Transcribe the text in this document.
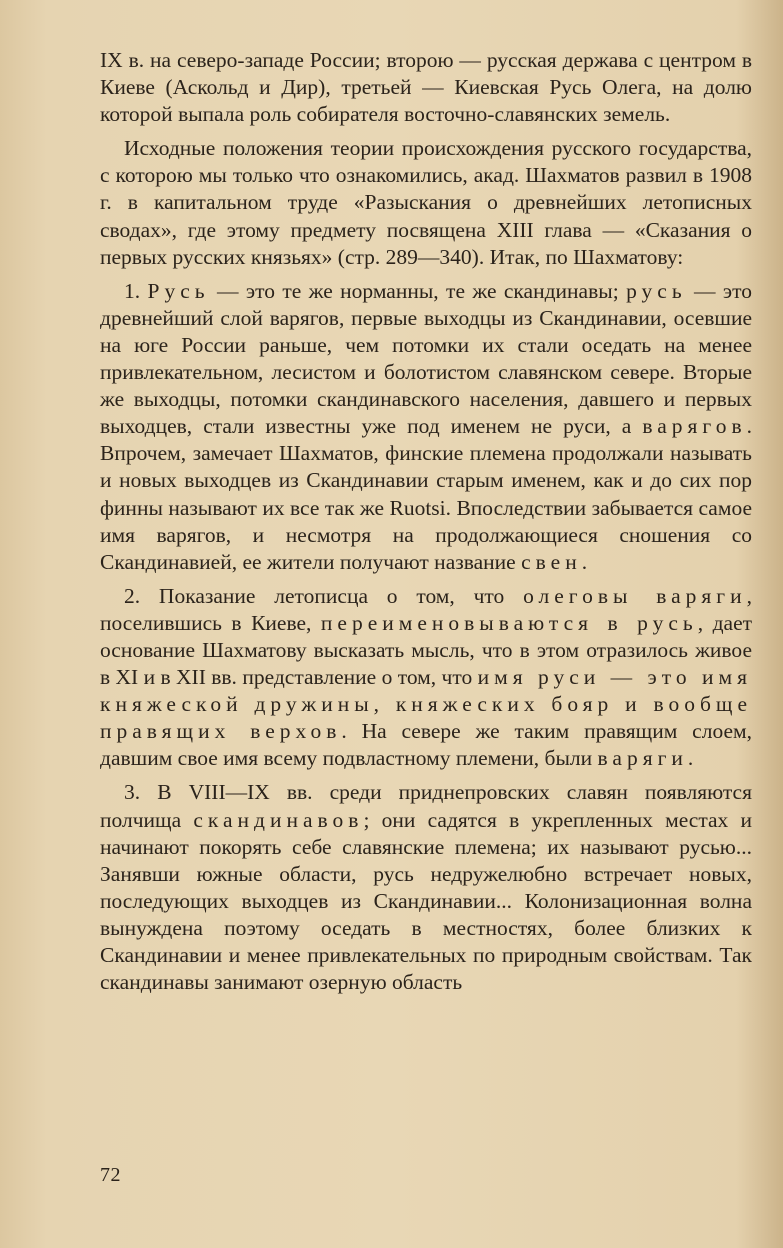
IX в. на северо-западе России; второю — русская держава с центром в Киеве (Аскольд и Дир), третьей — Киевская Русь Олега, на долю которой выпала роль собирателя восточно-славянских земель.

Исходные положения теории происхождения русского государства, с которою мы только что ознакомились, акад. Шахматов развил в 1908 г. в капитальном труде «Разыскания о древнейших летописных сводах», где этому предмету посвящена XIII глава — «Сказания о первых русских князьях» (стр. 289—340). Итак, по Шахматову:

1. Русь — это те же норманны, те же скандинавы; русь — это древнейший слой варягов, первые выходцы из Скандинавии, осевшие на юге России раньше, чем потомки их стали оседать на менее привлекательном, лесистом и болотистом славянском севере. Вторые же выходцы, потомки скандинавского населения, давшего и первых выходцев, стали известны уже под именем не руси, а варягов. Впрочем, замечает Шахматов, финские племена продолжали называть и новых выходцев из Скандинавии старым именем, как и до сих пор финны называют их все так же Ruotsi. Впоследствии забывается самое имя варягов, и несмотря на продолжающиеся сношения со Скандинавией, ее жители получают название свен.

2. Показание летописца о том, что олеговы варяги, поселившись в Киеве, переименовываются в русь, дает основание Шахматову высказать мысль, что в этом отразилось живое в XI и в XII вв. представление о том, что имя руси — это имя княжеской дружины, княжеских бояр и вообще правящих верхов. На севере же таким правящим слоем, давшим свое имя всему подвластному племени, были варяги.

3. В VIII—IX вв. среди приднепровских славян появляются полчища скандинавов; они садятся в укрепленных местах и начинают покорять себе славянские племена; их называют русью... Занявши южные области, русь недружелюбно встречает новых, последующих выходцев из Скандинавии... Колонизационная волна вынуждена поэтому оседать в местностях, более близких к Скандинавии и менее привлекательных по природным свойствам. Так скандинавы занимают озерную область

72
